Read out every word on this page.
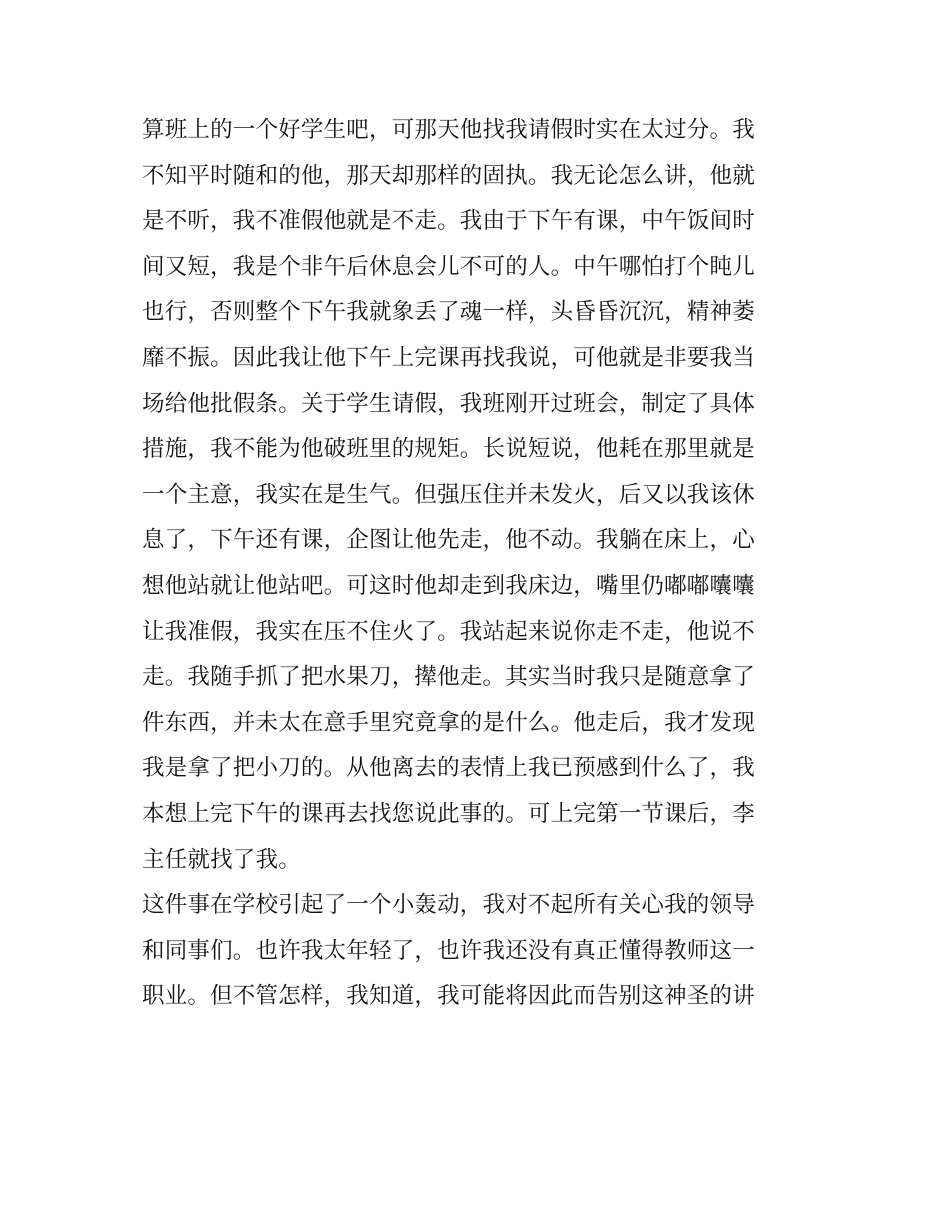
算班上的一个好学生吧，可那天他找我请假时实在太过分。我
不知平时随和的他，那天却那样的固执。我无论怎么讲，他就
是不听，我不准假他就是不走。我由于下午有课，中午饭间时
间又短，我是个非午后休息会儿不可的人。中午哪怕打个盹儿
也行，否则整个下午我就象丢了魂一样，头昏昏沉沉，精神萎
靡不振。因此我让他下午上完课再找我说，可他就是非要我当
场给他批假条。关于学生请假，我班刚开过班会，制定了具体
措施，我不能为他破班里的规矩。长说短说，他耗在那里就是
一个主意，我实在是生气。但强压住并未发火，后又以我该休
息了，下午还有课，企图让他先走，他不动。我躺在床上，心
想他站就让他站吧。可这时他却走到我床边，嘴里仍嘟嘟囔囔
让我准假，我实在压不住火了。我站起来说你走不走，他说不
走。我随手抓了把水果刀，撵他走。其实当时我只是随意拿了
件东西，并未太在意手里究竟拿的是什么。他走后，我才发现
我是拿了把小刀的。从他离去的表情上我已预感到什么了，我
本想上完下午的课再去找您说此事的。可上完第一节课后，李
主任就找了我。
这件事在学校引起了一个小轰动，我对不起所有关心我的领导
和同事们。也许我太年轻了，也许我还没有真正懂得教师这一
职业。但不管怎样，我知道，我可能将因此而告别这神圣的讲
